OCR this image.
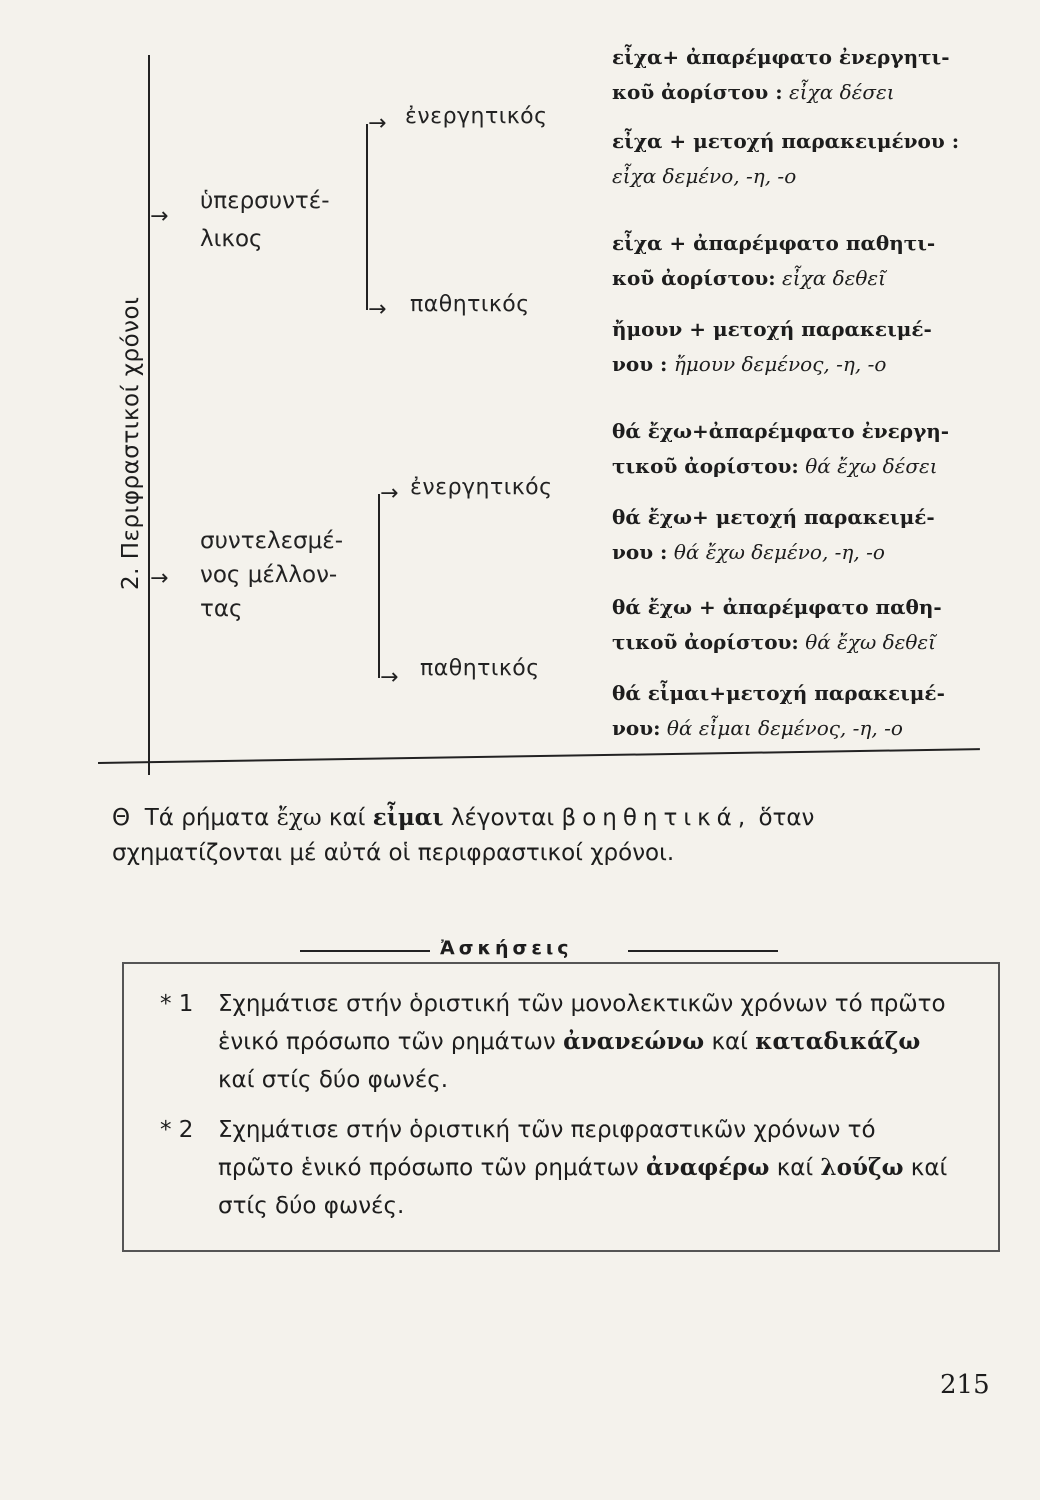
2. Περιφραστικοί χρόνοι
→
ὑπερσυντέ-
λικος
→ ἐνεργητικός
→ παθητικός
→
συντελεσμέ-
νος μέλλον-
τας
→ ἐνεργητικός
→ παθητικός
εἶχα+ ἀπαρέμφατο ἐνεργητι- κοῦ ἀορίστου : εἶχα δέσει
εἶχα + μετοχή παρακειμένου : εἶχα δεμένο, -η, -ο
εἶχα + ἀπαρέμφατο παθητι- κοῦ ἀορίστου: εἶχα δεθεῖ
ἤμουν + μετοχή παρακειμέ- νου : ἤμουν δεμένος, -η, -ο
θά ἔχω+ἀπαρέμφατο ἐνεργη- τικοῦ ἀορίστου: θά ἔχω δέσει
θά ἔχω+ μετοχή παρακειμέ- νου : θά ἔχω δεμένο, -η, -ο
θά ἔχω + ἀπαρέμφατο παθη- τικοῦ ἀορίστου: θά ἔχω δεθεῖ
θά εἶμαι+μετοχή παρακειμέ- νου: θά εἶμαι δεμένος, -η, -ο
Θ Τά ρήματα ἔχω καί εἶμαι λέγονται βοηθητικά, ὅταν σχηματίζονται μέ αὐτά οἱ περιφραστικοί χρόνοι.
Ἀσκήσεις
* 1	Σχημάτισε στήν ὁριστική τῶν μονολεκτικῶν χρόνων τό πρῶτο ἑνικό πρόσωπο τῶν ρημάτων ἀνανεώνω καί καταδικάζω καί στίς δύο φωνές.
* 2	Σχημάτισε στήν ὁριστική τῶν περιφραστικῶν χρόνων τό πρῶτο ἑνικό πρόσωπο τῶν ρημάτων ἀναφέρω καί λούζω καί στίς δύο φωνές.
215
